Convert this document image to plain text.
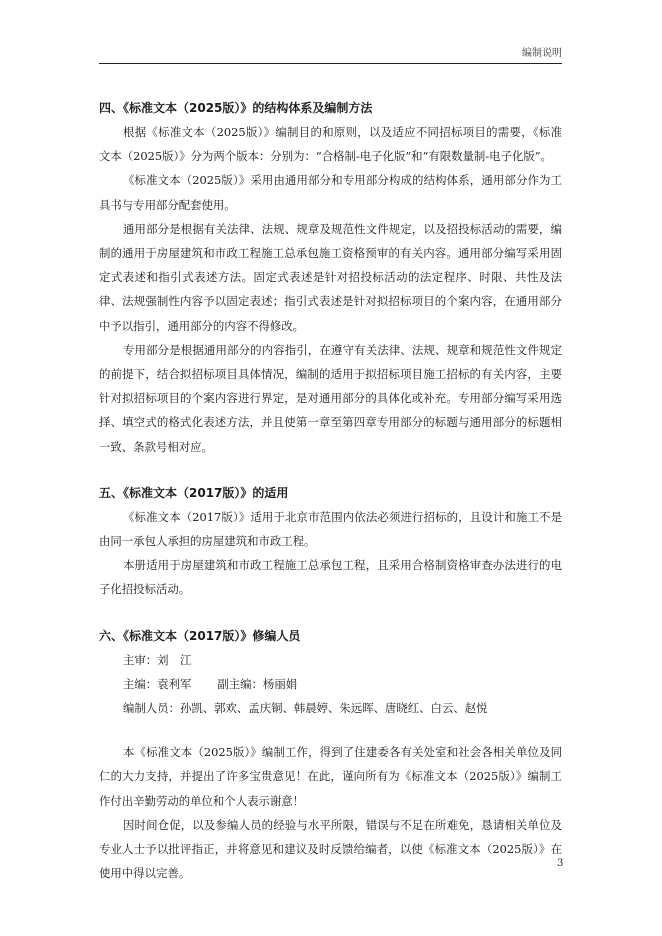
编制说明
四、《标准文本（2025版）》的结构体系及编制方法

根据《标准文本（2025版）》编制目的和原则，以及适应不同招标项目的需要，《标准文本（2025版）》分为两个版本：分别为：“合格制-电子化版”和“有限数量制-电子化版”。

《标准文本（2025版）》采用由通用部分和专用部分构成的结构体系，通用部分作为工具书与专用部分配套使用。

通用部分是根据有关法律、法规、规章及规范性文件规定，以及招投标活动的需要，编制的通用于房屋建筑和市政工程施工总承包施工资格预审的有关内容。通用部分编写采用固定式表述和指引式表述方法。固定式表述是针对招投标活动的法定程序、时限、共性及法律、法规强制性内容予以固定表述；指引式表述是针对拟招标项目的个案内容，在通用部分中予以指引，通用部分的内容不得修改。

专用部分是根据通用部分的内容指引，在遵守有关法律、法规、规章和规范性文件规定的前提下，结合拟招标项目具体情况，编制的适用于拟招标项目施工招标的有关内容，主要针对拟招标项目的个案内容进行界定，是对通用部分的具体化或补充。专用部分编写采用选择、填空式的格式化表述方法，并且使第一章至第四章专用部分的标题与通用部分的标题相一致、条款号相对应。

五、《标准文本（2017版）》的适用

《标准文本（2017版）》适用于北京市范围内依法必须进行招标的，且设计和施工不是由同一承包人承担的房屋建筑和市政工程。

本册适用于房屋建筑和市政工程施工总承包工程，且采用合格制资格审查办法进行的电子化招投标活动。

六、《标准文本（2017版）》修编人员

主审：刘　江

主编：袁利军 副主编：杨丽娟

编制人员：孙凯、郭欢、孟庆铜、韩晨婷、朱远晖、唐晓红、白云、赵悦

本《标准文本（2025版）》编制工作，得到了住建委各有关处室和社会各相关单位及同仁的大力支持，并提出了许多宝贵意见！在此，谨向所有为《标准文本（2025版）》编制工作付出辛勤劳动的单位和个人表示谢意！

因时间仓促，以及参编人员的经验与水平所限，错误与不足在所难免，恳请相关单位及专业人士予以批评指正，并将意见和建议及时反馈给编者，以使《标准文本（2025版）》在使用中得以完善。

3
